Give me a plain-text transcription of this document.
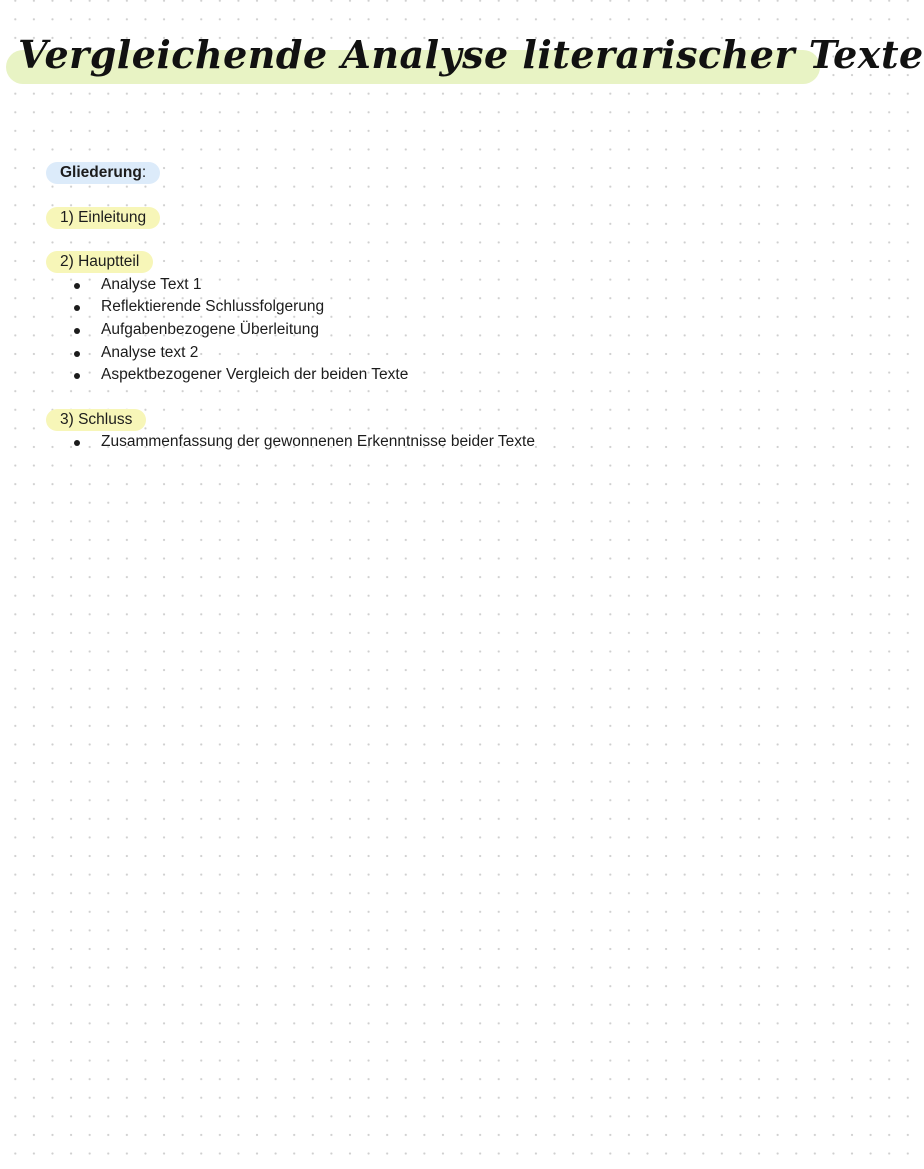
Vergleichende Analyse literarischer Texte
Gliederung:
1) Einleitung
2) Hauptteil
Analyse Text 1
Reflektierende Schlussfolgerung
Aufgabenbezogene Überleitung
Analyse text 2
Aspektbezogener Vergleich der beiden Texte
3) Schluss
Zusammenfassung der gewonnenen Erkenntnisse beider Texte
